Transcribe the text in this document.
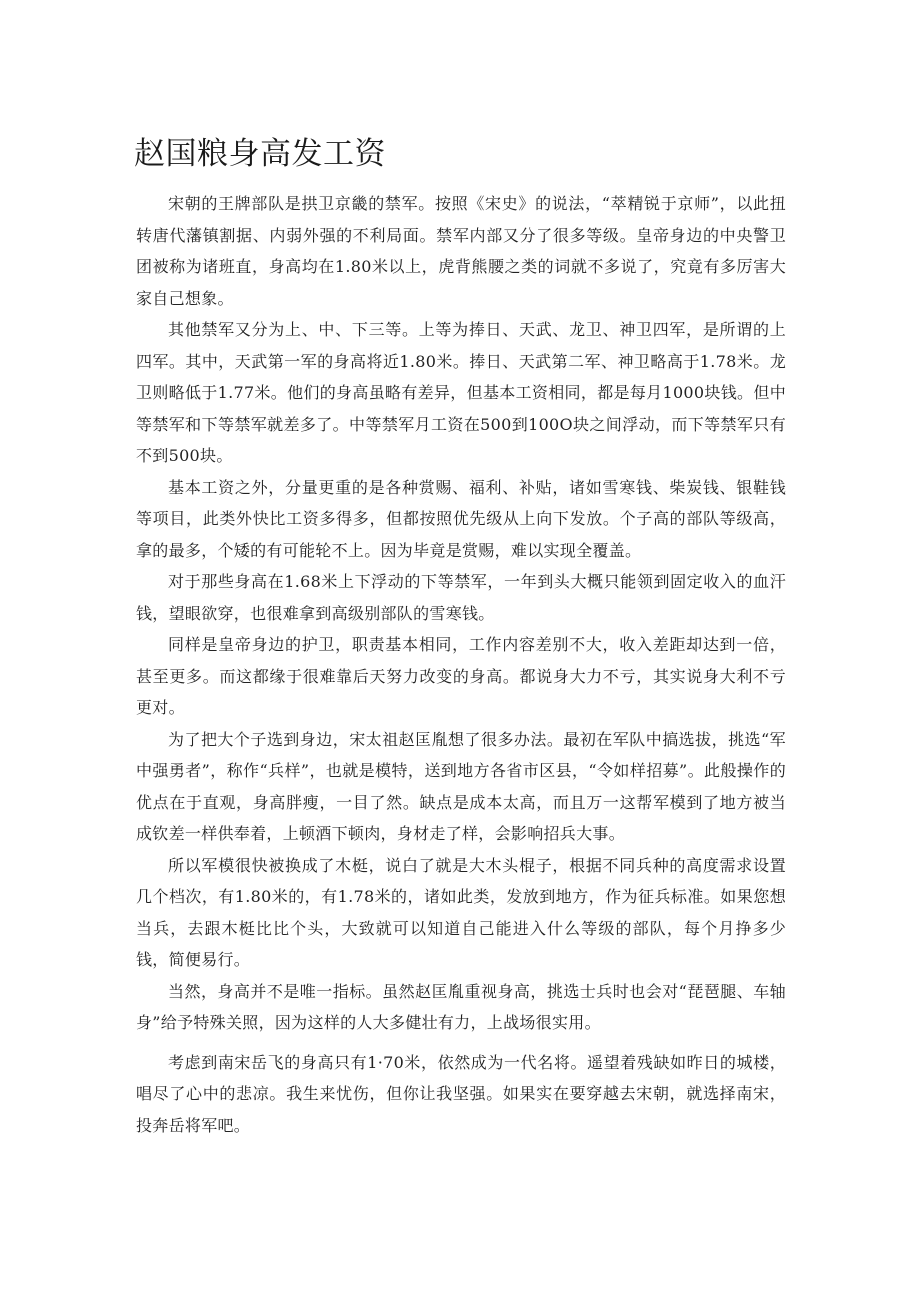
赵国粮身高发工资

宋朝的王牌部队是拱卫京畿的禁军。按照《宋史》的说法，“萃精锐于京师”，以此扭转唐代藩镇割据、内弱外强的不利局面。禁军内部又分了很多等级。皇帝身边的中央警卫团被称为诸班直，身高均在1.80米以上，虎背熊腰之类的词就不多说了，究竟有多厉害大家自己想象。

其他禁军又分为上、中、下三等。上等为捧日、天武、龙卫、神卫四军，是所谓的上四军。其中，天武第一军的身高将近1.80米。捧日、天武第二军、神卫略高于1.78米。龙卫则略低于1.77米。他们的身高虽略有差异，但基本工资相同，都是每月1000块钱。但中等禁军和下等禁军就差多了。中等禁军月工资在500到100O块之间浮动，而下等禁军只有不到500块。

基本工资之外，分量更重的是各种赏赐、福利、补贴，诸如雪寒钱、柴炭钱、银鞋钱等项目，此类外快比工资多得多，但都按照优先级从上向下发放。个子高的部队等级高，拿的最多，个矮的有可能轮不上。因为毕竟是赏赐，难以实现全覆盖。

对于那些身高在1.68米上下浮动的下等禁军，一年到头大概只能领到固定收入的血汗钱，望眼欲穿，也很难拿到高级别部队的雪寒钱。

同样是皇帝身边的护卫，职责基本相同，工作内容差别不大，收入差距却达到一倍，甚至更多。而这都缘于很难靠后天努力改变的身高。都说身大力不亏，其实说身大利不亏更对。

为了把大个子选到身边，宋太祖赵匡胤想了很多办法。最初在军队中搞选拔，挑选“军中强勇者”，称作“兵样”，也就是模特，送到地方各省市区县，“令如样招募”。此般操作的优点在于直观，身高胖瘦，一目了然。缺点是成本太高，而且万一这帮军模到了地方被当成钦差一样供奉着，上顿酒下顿肉，身材走了样，会影响招兵大事。

所以军模很快被换成了木梃，说白了就是大木头棍子，根据不同兵种的高度需求设置几个档次，有1.80米的，有1.78米的，诸如此类，发放到地方，作为征兵标准。如果您想当兵，去跟木梃比比个头，大致就可以知道自己能进入什么等级的部队，每个月挣多少钱，简便易行。

当然，身高并不是唯一指标。虽然赵匡胤重视身高，挑选士兵时也会对“琵琶腿、车轴身”给予特殊关照，因为这样的人大多健壮有力，上战场很实用。

考虑到南宋岳飞的身高只有1·70米，依然成为一代名将。遥望着残缺如昨日的城楼，唱尽了心中的悲凉。我生来忧伤，但你让我坚强。如果实在要穿越去宋朝，就选择南宋，投奔岳将军吧。
